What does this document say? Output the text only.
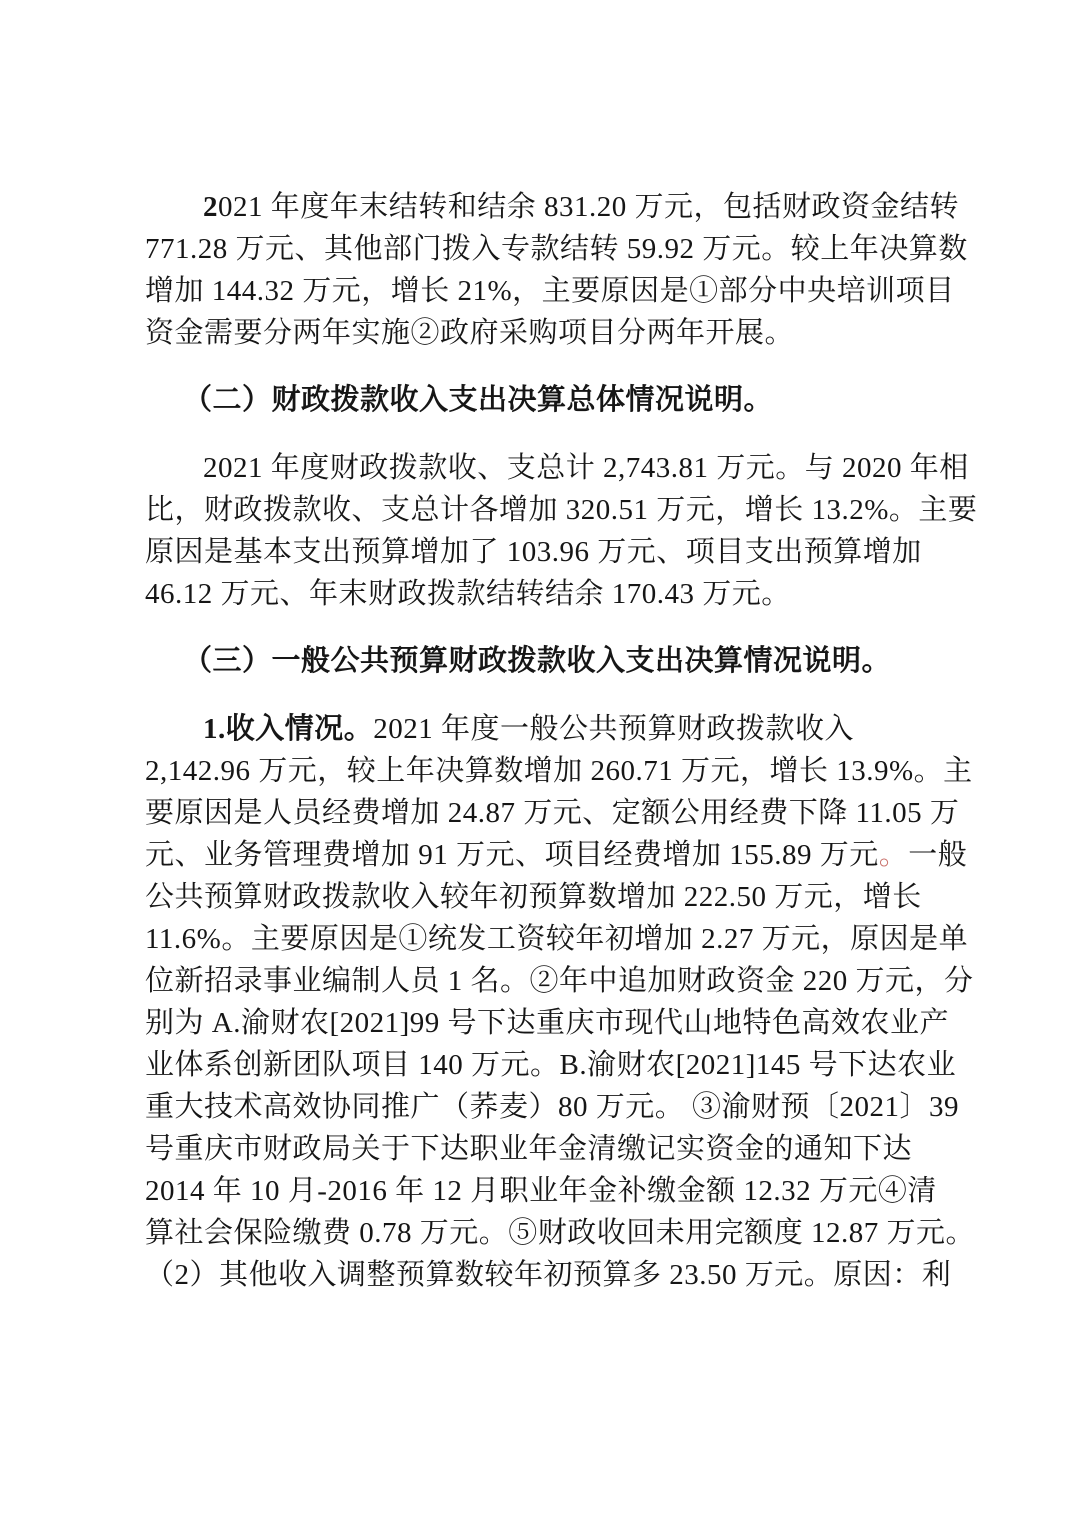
2021 年度年末结转和结余 831.20 万元，包括财政资金结转
771.28 万元、其他部门拨入专款结转 59.92 万元。较上年决算数
增加 144.32 万元，增长 21%，主要原因是①部分中央培训项目
资金需要分两年实施②政府采购项目分两年开展。
（二）财政拨款收入支出决算总体情况说明。
2021 年度财政拨款收、支总计 2,743.81 万元。与 2020 年相
比，财政拨款收、支总计各增加 320.51 万元，增长 13.2%。主要
原因是基本支出预算增加了 103.96 万元、项目支出预算增加
46.12 万元、年末财政拨款结转结余 170.43 万元。
（三）一般公共预算财政拨款收入支出决算情况说明。
1.收入情况。2021 年度一般公共预算财政拨款收入
2,142.96 万元，较上年决算数增加 260.71 万元，增长 13.9%。主
要原因是人员经费增加 24.87 万元、定额公用经费下降 11.05 万
元、业务管理费增加 91 万元、项目经费增加 155.89 万元。一般
公共预算财政拨款收入较年初预算数增加 222.50 万元，增长
11.6%。主要原因是①统发工资较年初增加 2.27 万元，原因是单
位新招录事业编制人员 1 名。②年中追加财政资金 220 万元，分
别为 A.渝财农[2021]99 号下达重庆市现代山地特色高效农业产
业体系创新团队项目 140 万元。B.渝财农[2021]145 号下达农业
重大技术高效协同推广（荞麦）80 万元。 ③渝财预〔2021〕39
号重庆市财政局关于下达职业年金清缴记实资金的通知下达
2014 年 10 月-2016 年 12 月职业年金补缴金额 12.32 万元④清
算社会保险缴费 0.78 万元。⑤财政收回未用完额度 12.87 万元。
（2）其他收入调整预算数较年初预算多 23.50 万元。原因：利
